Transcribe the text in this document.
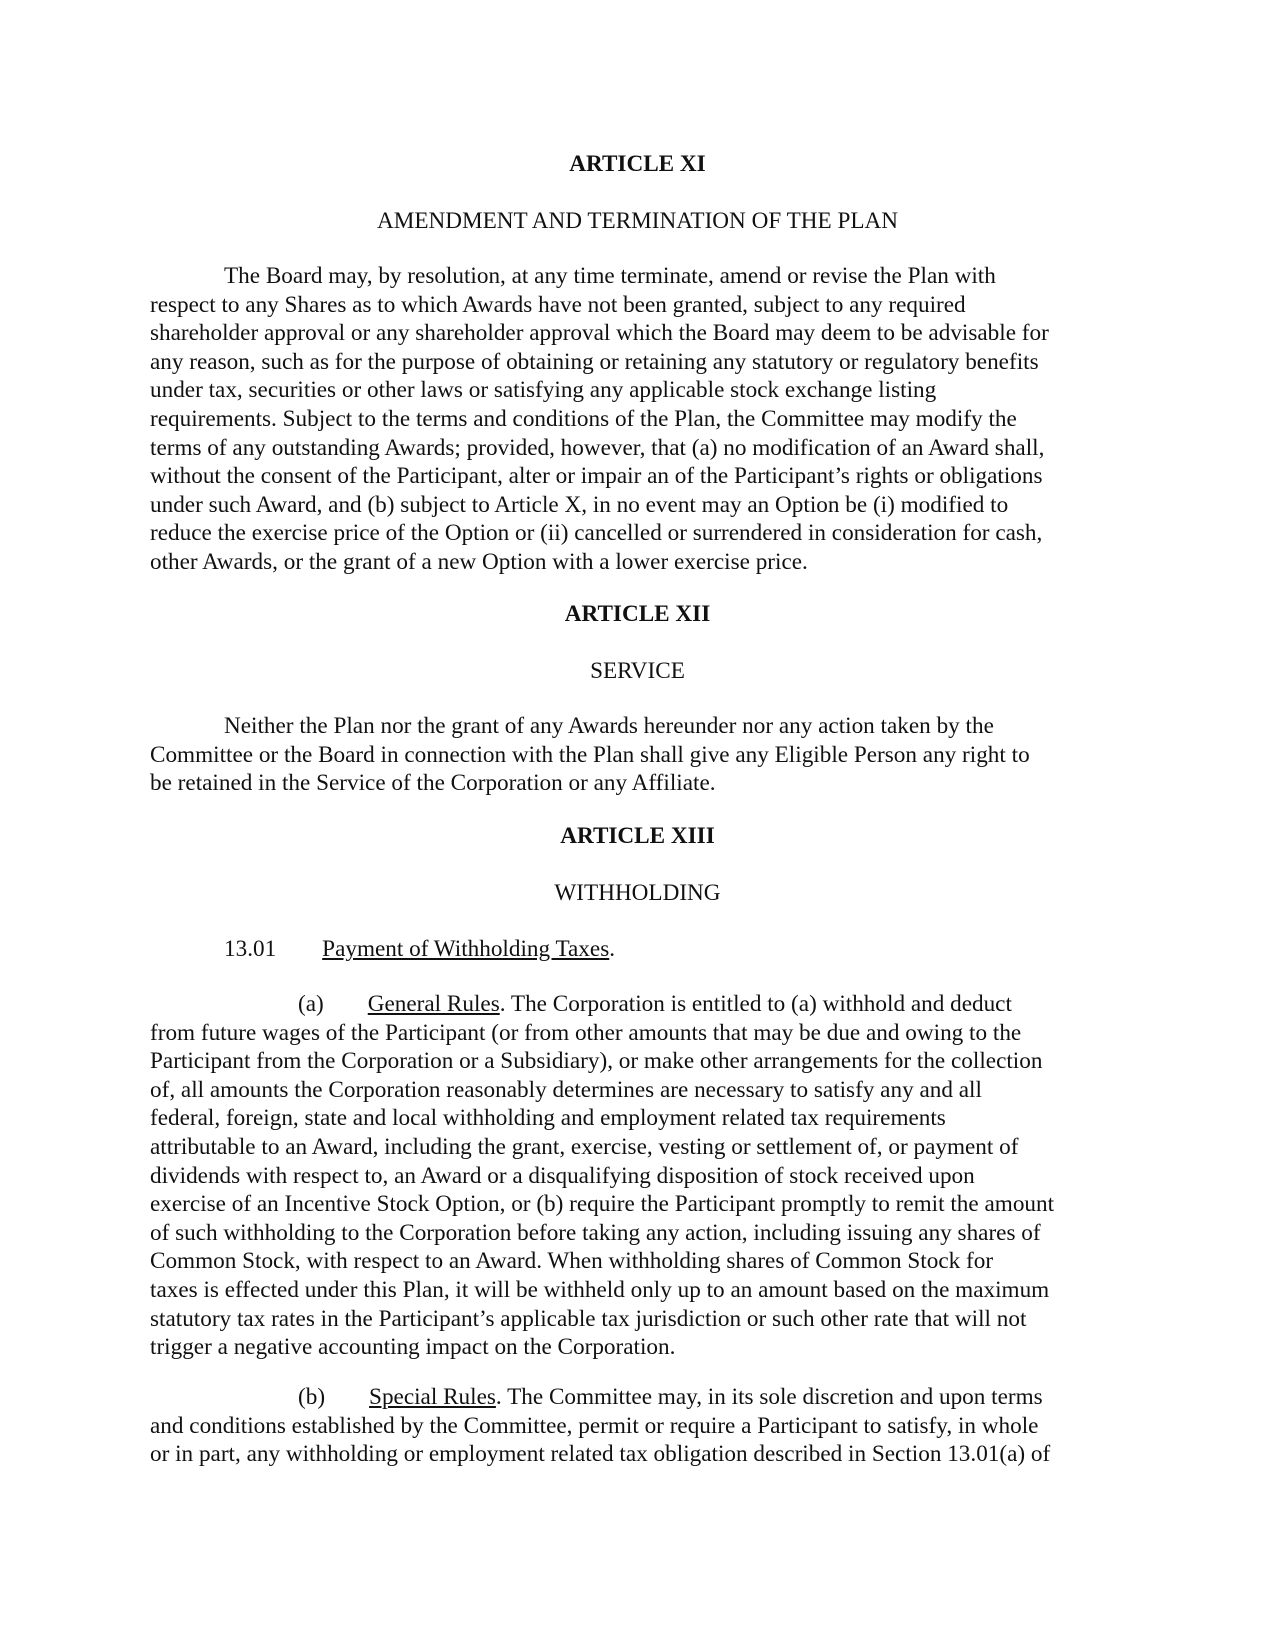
ARTICLE XI
AMENDMENT AND TERMINATION OF THE PLAN
The Board may, by resolution, at any time terminate, amend or revise the Plan with
respect to any Shares as to which Awards have not been granted, subject to any required
shareholder approval or any shareholder approval which the Board may deem to be advisable for
any reason, such as for the purpose of obtaining or retaining any statutory or regulatory benefits
under tax, securities or other laws or satisfying any applicable stock exchange listing
requirements. Subject to the terms and conditions of the Plan, the Committee may modify the
terms of any outstanding Awards; provided, however, that (a) no modification of an Award shall,
without the consent of the Participant, alter or impair an of the Participant’s rights or obligations
under such Award, and (b) subject to Article X, in no event may an Option be (i) modified to
reduce the exercise price of the Option or (ii) cancelled or surrendered in consideration for cash,
other Awards, or the grant of a new Option with a lower exercise price.
ARTICLE XII
SERVICE
Neither the Plan nor the grant of any Awards hereunder nor any action taken by the
Committee or the Board in connection with the Plan shall give any Eligible Person any right to
be retained in the Service of the Corporation or any Affiliate.
ARTICLE XIII
WITHHOLDING
13.01 Payment of Withholding Taxes.
(a) General Rules. The Corporation is entitled to (a) withhold and deduct
from future wages of the Participant (or from other amounts that may be due and owing to the
Participant from the Corporation or a Subsidiary), or make other arrangements for the collection
of, all amounts the Corporation reasonably determines are necessary to satisfy any and all
federal, foreign, state and local withholding and employment related tax requirements
attributable to an Award, including the grant, exercise, vesting or settlement of, or payment of
dividends with respect to, an Award or a disqualifying disposition of stock received upon
exercise of an Incentive Stock Option, or (b) require the Participant promptly to remit the amount
of such withholding to the Corporation before taking any action, including issuing any shares of
Common Stock, with respect to an Award. When withholding shares of Common Stock for
taxes is effected under this Plan, it will be withheld only up to an amount based on the maximum
statutory tax rates in the Participant’s applicable tax jurisdiction or such other rate that will not
trigger a negative accounting impact on the Corporation.
(b) Special Rules. The Committee may, in its sole discretion and upon terms
and conditions established by the Committee, permit or require a Participant to satisfy, in whole
or in part, any withholding or employment related tax obligation described in Section 13.01(a) of
